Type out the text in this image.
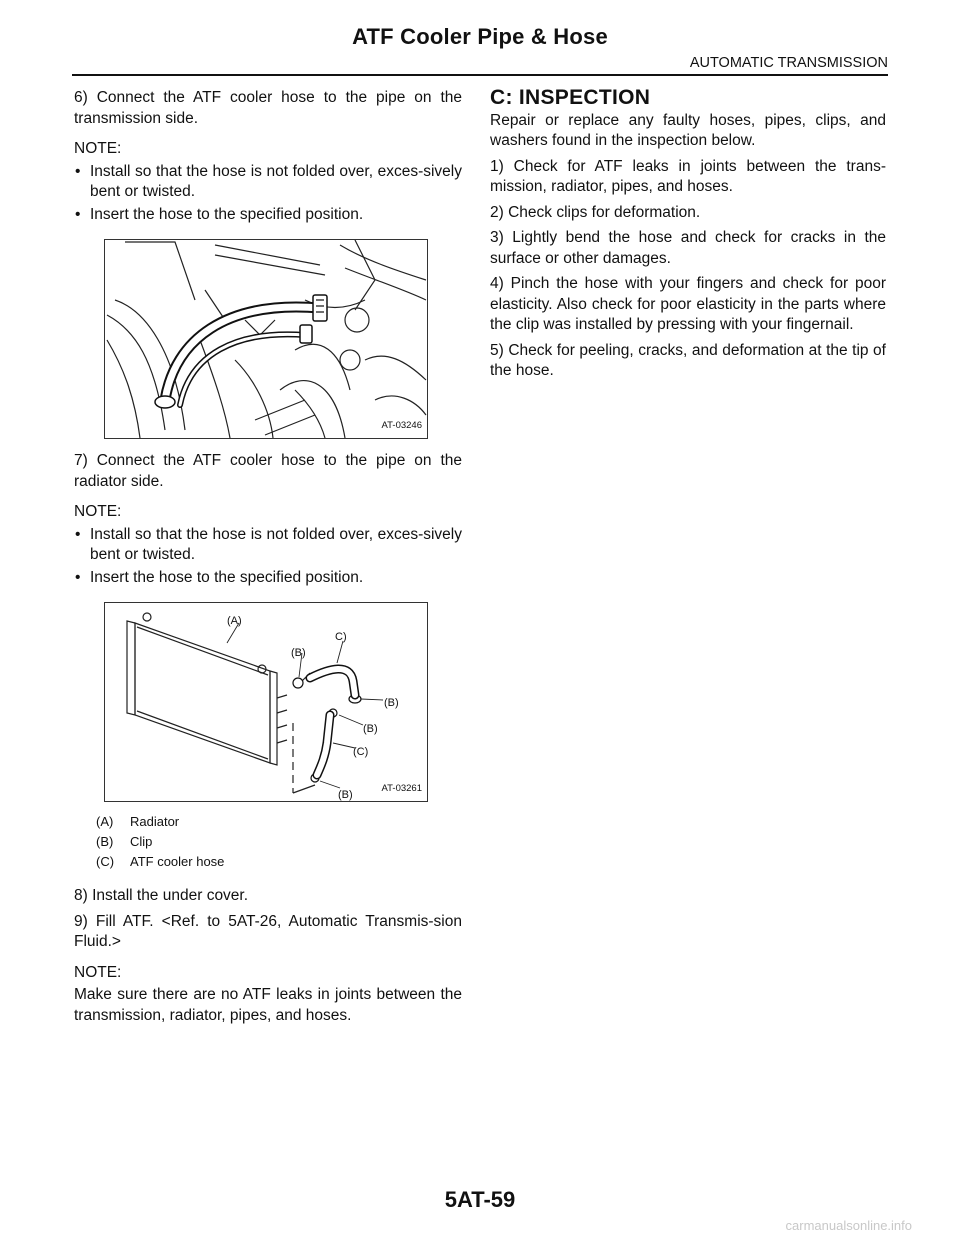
ATF Cooler Pipe & Hose
AUTOMATIC TRANSMISSION

6) Connect the ATF cooler hose to the pipe on the transmission side.

NOTE:

• Install so that the hose is not folded over, exces-sively bent or twisted.

• Insert the hose to the specified position.

AT-03246

7) Connect the ATF cooler hose to the pipe on the radiator side.

NOTE:

• Install so that the hose is not folded over, exces-sively bent or twisted.

• Insert the hose to the specified position.

(A)
C)
(B)
(B)
(B)
(C)
(B)
AT-03261
(A)	Radiator
(B)	Clip
(C)	ATF cooler hose

8) Install the under cover.

9) Fill ATF. <Ref. to 5AT-26, Automatic Transmis-sion Fluid.>

NOTE:

Make sure there are no ATF leaks in joints between the transmission, radiator, pipes, and hoses.

C: INSPECTION

Repair or replace any faulty hoses, pipes, clips, and washers found in the inspection below.

1) Check for ATF leaks in joints between the trans-mission, radiator, pipes, and hoses.

2) Check clips for deformation.

3) Lightly bend the hose and check for cracks in the surface or other damages.

4) Pinch the hose with your fingers and check for poor elasticity. Also check for poor elasticity in the parts where the clip was installed by pressing with your fingernail.

5) Check for peeling, cracks, and deformation at the tip of the hose.

5AT-59
carmanualsonline.info
